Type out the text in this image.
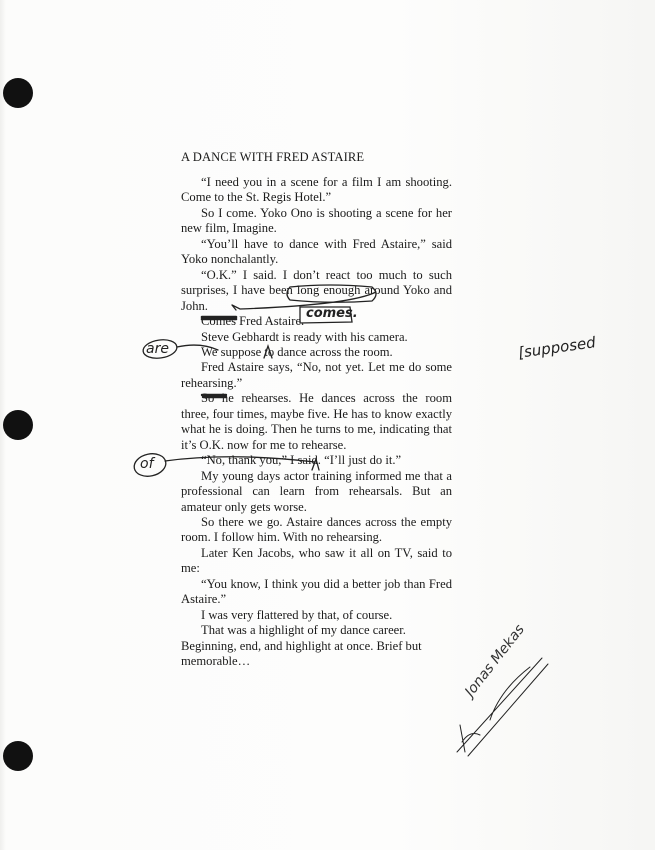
A DANCE WITH FRED ASTAIRE

“I need you in a scene for a film I am shooting. Come to the St. Regis Hotel.”

So I come. Yoko Ono is shooting a scene for her new film, Imagine.

“You’ll have to dance with Fred Astaire,” said Yoko nonchalantly.

“O.K.” I said. I don’t react too much to such surprises, I have been long enough around Yoko and John.

Comes Fred Astaire.

Steve Gebhardt is ready with his camera.

We suppose to dance across the room.

Fred Astaire says, “No, not yet. Let me do some rehearsing.”

So he rehearses. He dances across the room three, four times, maybe five. He has to know exactly what he is doing. Then he turns to me, indicating that it’s O.K. now for me to rehearse.

“No, thank you,” I said. “I’ll just do it.”

My young days actor training informed me that a professional can learn from rehearsals. But an amateur only gets worse.

So there we go. Astaire dances across the empty room. I follow him. With no rehearsing.

Later Ken Jacobs, who saw it all on TV, said to me:

“You know, I think you did a better job than Fred Astaire.”

I was very flattered by that, of course.

That was a highlight of my dance career. Beginning, end, and highlight at once. Brief but memorable…

are
of
[supposed
comes.
Jonas Mekas
